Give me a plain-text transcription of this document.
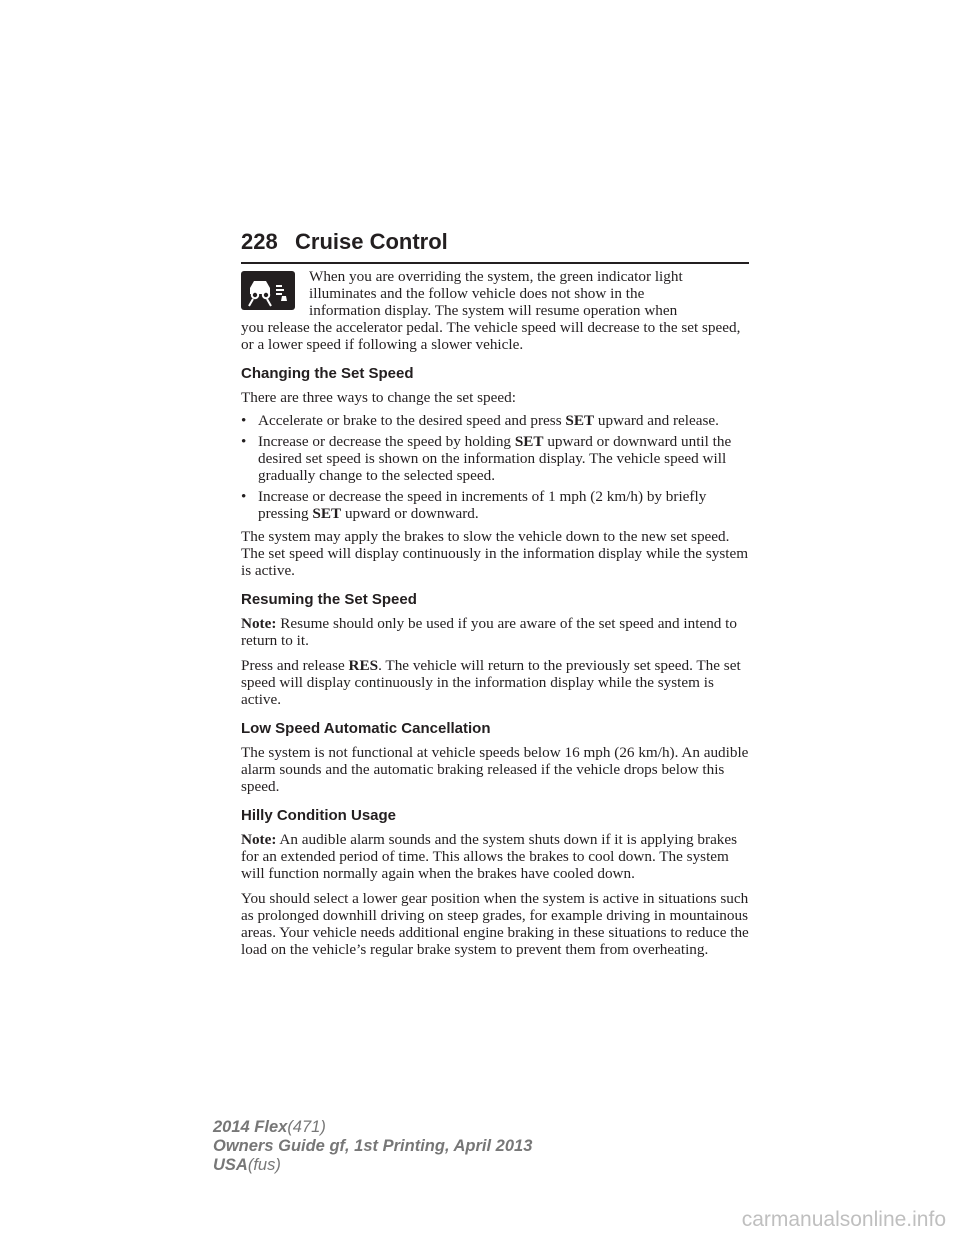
228 Cruise Control

When you are overriding the system, the green indicator light

illuminates and the follow vehicle does not show in the

information display. The system will resume operation when

you release the accelerator pedal. The vehicle speed will decrease to the set speed, or a lower speed if following a slower vehicle.

Changing the Set Speed

There are three ways to change the set speed:

• Accelerate or brake to the desired speed and press SET upward and release.
• Increase or decrease the speed by holding SET upward or downward until the desired set speed is shown on the information display. The vehicle speed will gradually change to the selected speed.
• Increase or decrease the speed in increments of 1 mph (2 km/h) by briefly pressing SET upward or downward.

The system may apply the brakes to slow the vehicle down to the new set speed. The set speed will display continuously in the information display while the system is active.

Resuming the Set Speed

Note: Resume should only be used if you are aware of the set speed and intend to return to it.

Press and release RES. The vehicle will return to the previously set speed. The set speed will display continuously in the information display while the system is active.

Low Speed Automatic Cancellation

The system is not functional at vehicle speeds below 16 mph (26 km/h). An audible alarm sounds and the automatic braking released if the vehicle drops below this speed.

Hilly Condition Usage

Note: An audible alarm sounds and the system shuts down if it is applying brakes for an extended period of time. This allows the brakes to cool down. The system will function normally again when the brakes have cooled down.

You should select a lower gear position when the system is active in situations such as prolonged downhill driving on steep grades, for example driving in mountainous areas. Your vehicle needs additional engine braking in these situations to reduce the load on the vehicle’s regular brake system to prevent them from overheating.

2014 Flex(471)
Owners Guide gf, 1st Printing, April 2013
USA(fus)
carmanualsonline.info
